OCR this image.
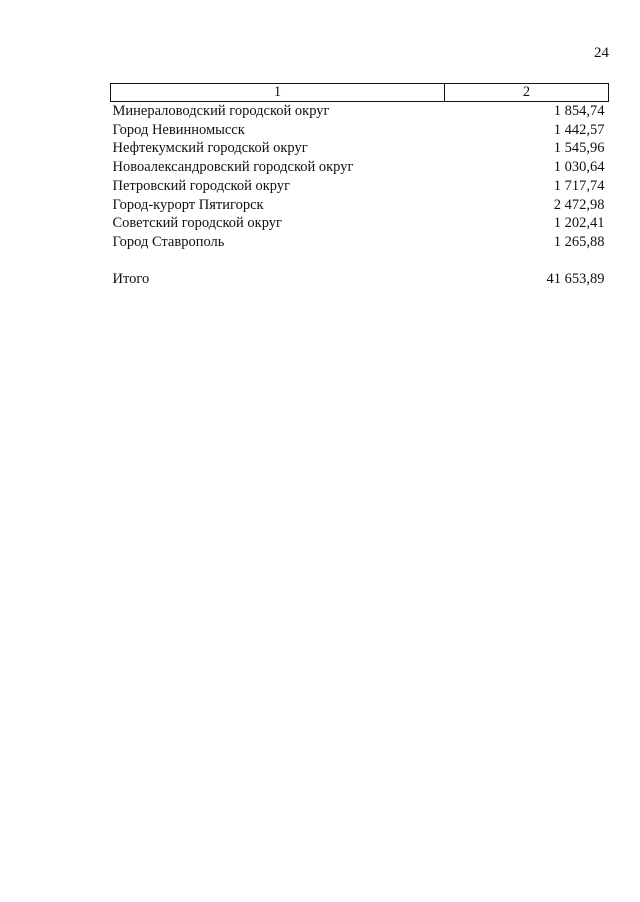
24
1	2
Минераловодский городской округ	1 854,74
Город Невинномысск	1 442,57
Нефтекумский городской округ	1 545,96
Новоалександровский городской округ	1 030,64
Петровский городской округ	1 717,74
Город-курорт Пятигорск	2 472,98
Советский городской округ	1 202,41
Город Ставрополь	1 265,88

Итого	41 653,89
